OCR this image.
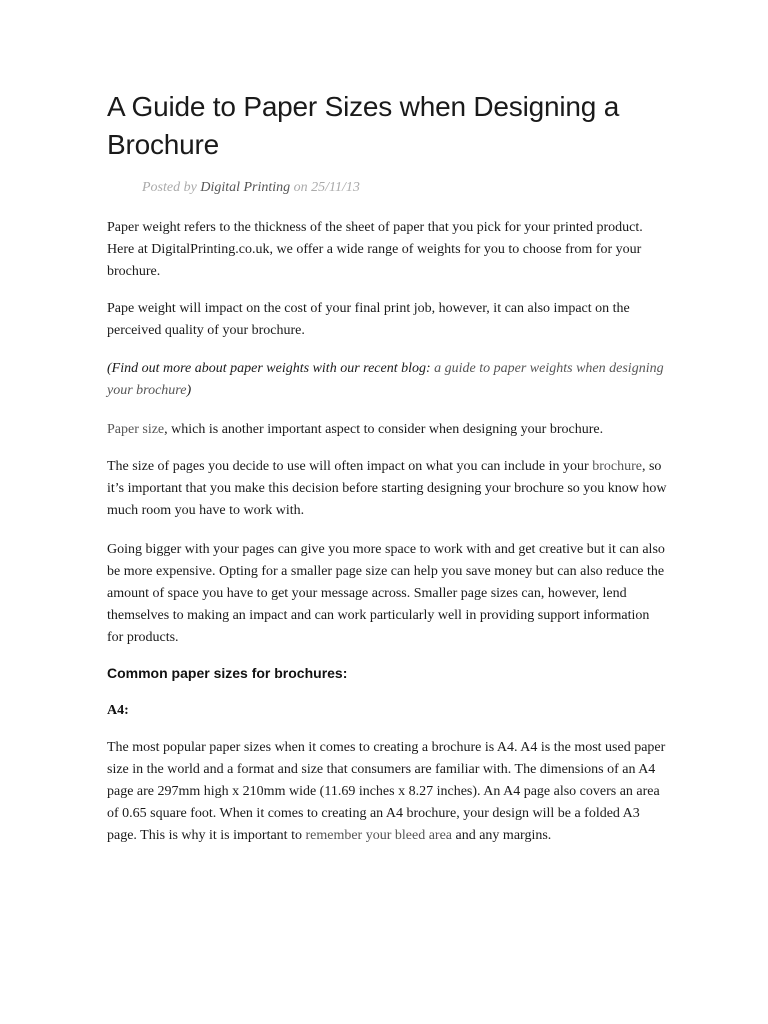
A Guide to Paper Sizes when Designing a Brochure
Posted by Digital Printing on 25/11/13

Paper weight refers to the thickness of the sheet of paper that you pick for your printed product. Here at DigitalPrinting.co.uk, we offer a wide range of weights for you to choose from for your brochure.

Pape weight will impact on the cost of your final print job, however, it can also impact on the perceived quality of your brochure.

(Find out more about paper weights with our recent blog: a guide to paper weights when designing your brochure)

Paper size, which is another important aspect to consider when designing your brochure.

The size of pages you decide to use will often impact on what you can include in your brochure, so it’s important that you make this decision before starting designing your brochure so you know how much room you have to work with.

Going bigger with your pages can give you more space to work with and get creative but it can also be more expensive. Opting for a smaller page size can help you save money but can also reduce the amount of space you have to get your message across. Smaller page sizes can, however, lend themselves to making an impact and can work particularly well in providing support information for products.

Common paper sizes for brochures:
A4:

The most popular paper sizes when it comes to creating a brochure is A4. A4 is the most used paper size in the world and a format and size that consumers are familiar with. The dimensions of an A4 page are 297mm high x 210mm wide (11.69 inches x 8.27 inches). An A4 page also covers an area of 0.65 square foot. When it comes to creating an A4 brochure, your design will be a folded A3 page. This is why it is important to remember your bleed area and any margins.
